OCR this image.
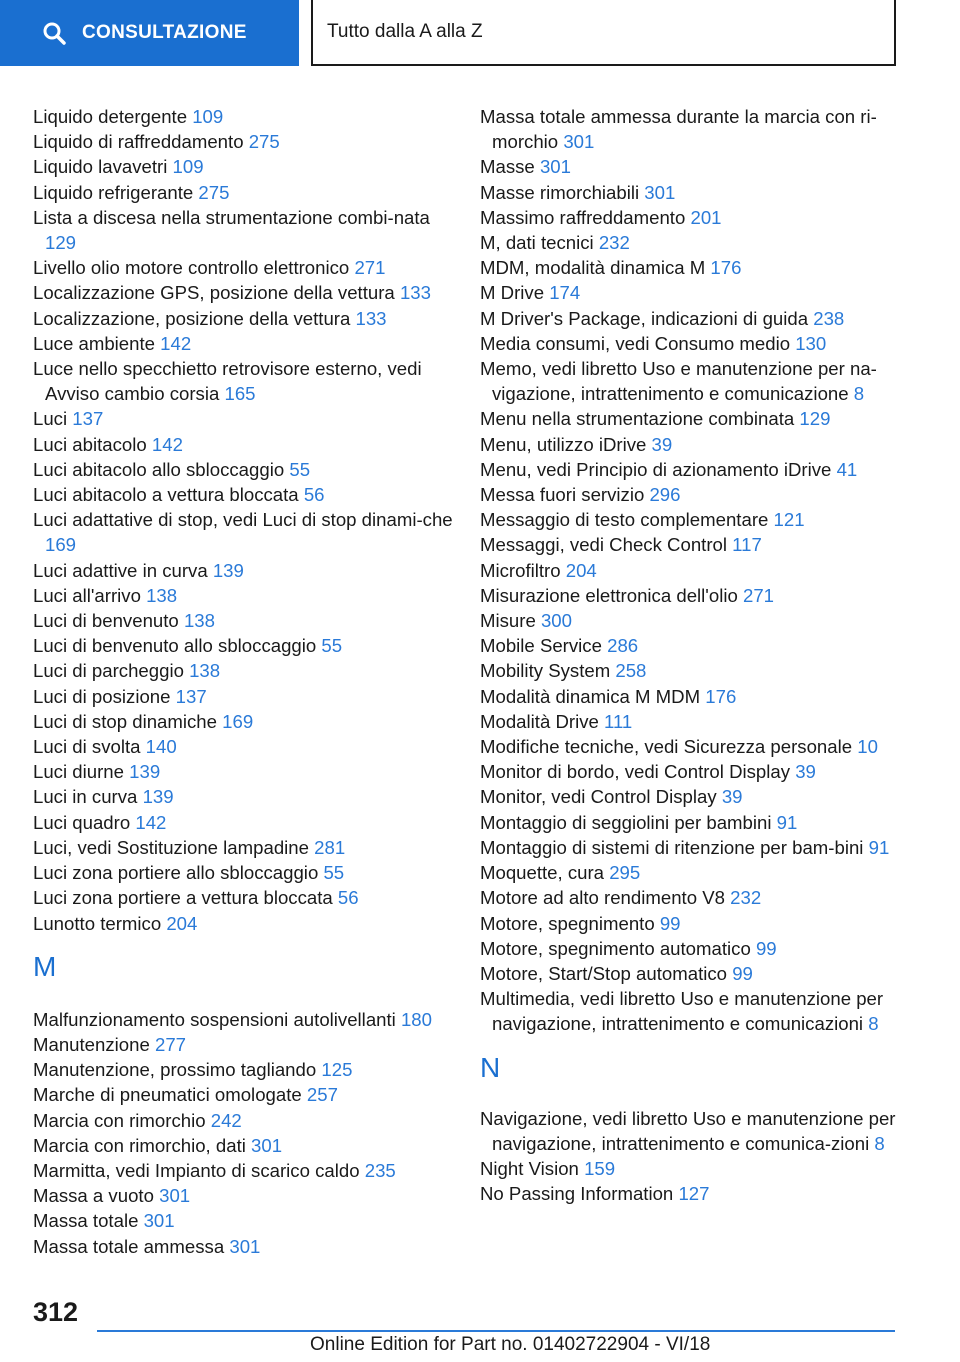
CONSULTAZIONE	Tutto dalla A alla Z
Liquido detergente 109
Liquido di raffreddamento 275
Liquido lavavetri 109
Liquido refrigerante 275
Lista a discesa nella strumentazione combi-nata 129
Livello olio motore controllo elettronico 271
Localizzazione GPS, posizione della vettura 133
Localizzazione, posizione della vettura 133
Luce ambiente 142
Luce nello specchietto retrovisore esterno, vedi Avviso cambio corsia 165
Luci 137
Luci abitacolo 142
Luci abitacolo allo sbloccaggio 55
Luci abitacolo a vettura bloccata 56
Luci adattative di stop, vedi Luci di stop dinami-che 169
Luci adattive in curva 139
Luci all'arrivo 138
Luci di benvenuto 138
Luci di benvenuto allo sbloccaggio 55
Luci di parcheggio 138
Luci di posizione 137
Luci di stop dinamiche 169
Luci di svolta 140
Luci diurne 139
Luci in curva 139
Luci quadro 142
Luci, vedi Sostituzione lampadine 281
Luci zona portiere allo sbloccaggio 55
Luci zona portiere a vettura bloccata 56
Lunotto termico 204
M
Malfunzionamento sospensioni autolivellanti 180
Manutenzione 277
Manutenzione, prossimo tagliando 125
Marche di pneumatici omologate 257
Marcia con rimorchio 242
Marcia con rimorchio, dati 301
Marmitta, vedi Impianto di scarico caldo 235
Massa a vuoto 301
Massa totale 301
Massa totale ammessa 301
Massa totale ammessa durante la marcia con ri-morchio 301
Masse 301
Masse rimorchiabili 301
Massimo raffreddamento 201
M, dati tecnici 232
MDM, modalità dinamica M 176
M Drive 174
M Driver's Package, indicazioni di guida 238
Media consumi, vedi Consumo medio 130
Memo, vedi libretto Uso e manutenzione per na-vigazione, intrattenimento e comunicazione 8
Menu nella strumentazione combinata 129
Menu, utilizzo iDrive 39
Menu, vedi Principio di azionamento iDrive 41
Messa fuori servizio 296
Messaggio di testo complementare 121
Messaggi, vedi Check Control 117
Microfiltro 204
Misurazione elettronica dell'olio 271
Misure 300
Mobile Service 286
Mobility System 258
Modalità dinamica M MDM 176
Modalità Drive 111
Modifiche tecniche, vedi Sicurezza personale 10
Monitor di bordo, vedi Control Display 39
Monitor, vedi Control Display 39
Montaggio di seggiolini per bambini 91
Montaggio di sistemi di ritenzione per bam-bini 91
Moquette, cura 295
Motore ad alto rendimento V8 232
Motore, spegnimento 99
Motore, spegnimento automatico 99
Motore, Start/Stop automatico 99
Multimedia, vedi libretto Uso e manutenzione per navigazione, intrattenimento e comunicazioni 8
N
Navigazione, vedi libretto Uso e manutenzione per navigazione, intrattenimento e comunica-zioni 8
Night Vision 159
No Passing Information 127
312
Online Edition for Part no. 01402722904 - VI/18
